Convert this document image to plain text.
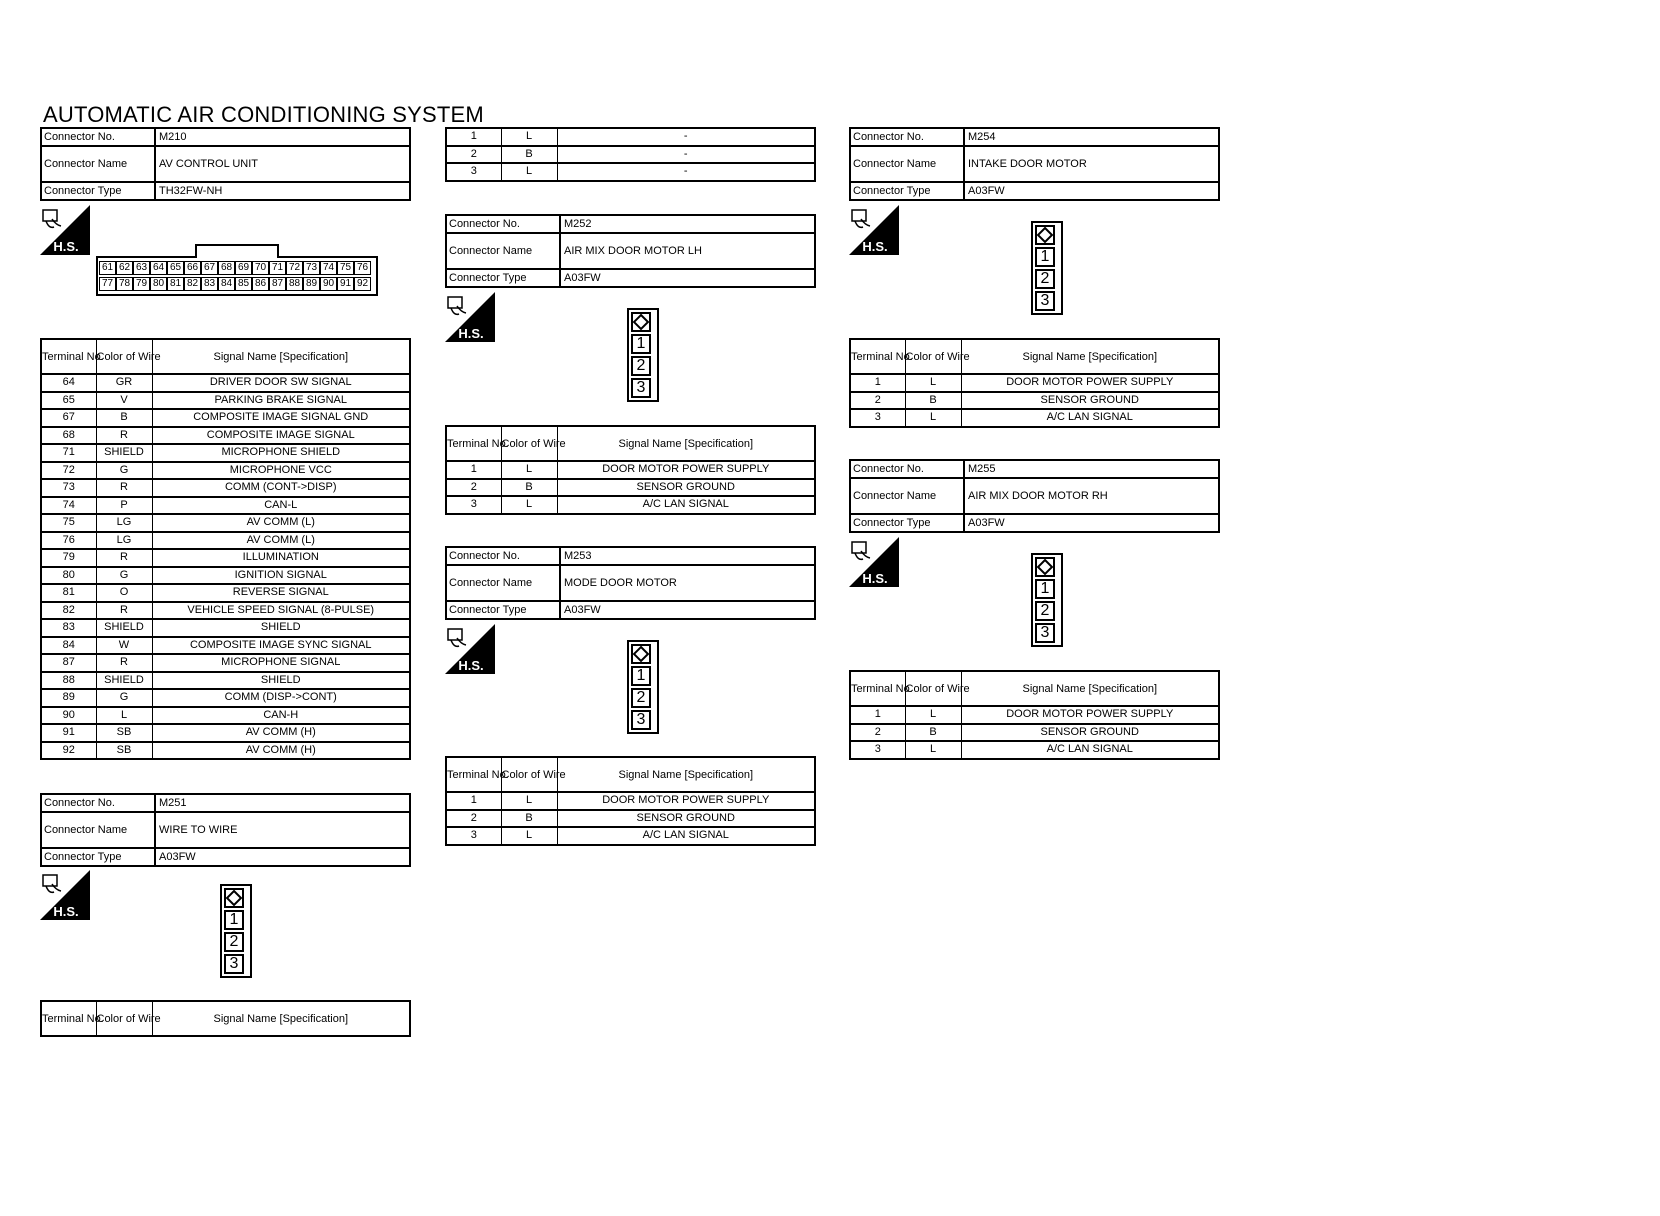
AUTOMATIC AIR CONDITIONING SYSTEM
Connector No.	M210
Connector Name	AV CONTROL UNIT
Connector Type	TH32FW-NH
H.S.
61 62 63 64 65 66 67 68 69 70 71 72 73 74 75 76
77 78 79 80 81 82 83 84 85 86 87 88 89 90 91 92
Terminal No.	Color of Wire	Signal Name [Specification]
64	GR	DRIVER DOOR SW SIGNAL
65	V	PARKING BRAKE SIGNAL
67	B	COMPOSITE IMAGE SIGNAL GND
68	R	COMPOSITE IMAGE SIGNAL
71	SHIELD	MICROPHONE SHIELD
72	G	MICROPHONE VCC
73	R	COMM (CONT->DISP)
74	P	CAN-L
75	LG	AV COMM (L)
76	LG	AV COMM (L)
79	R	ILLUMINATION
80	G	IGNITION SIGNAL
81	O	REVERSE SIGNAL
82	R	VEHICLE SPEED SIGNAL (8-PULSE)
83	SHIELD	SHIELD
84	W	COMPOSITE IMAGE SYNC SIGNAL
87	R	MICROPHONE SIGNAL
88	SHIELD	SHIELD
89	G	COMM (DISP->CONT)
90	L	CAN-H
91	SB	AV COMM (H)
92	SB	AV COMM (H)
Connector No.	M251
Connector Name	WIRE TO WIRE
Connector Type	A03FW
H.S.	1
2
3
Terminal No.	Color of Wire	Signal Name [Specification]
1	L	-
2	B	-
3	L	-
Connector No.	M252
Connector Name	AIR MIX DOOR MOTOR LH
Connector Type	A03FW
H.S.
1
2
3
Terminal No.	Color of Wire	Signal Name [Specification]
1	L	DOOR MOTOR POWER SUPPLY
2	B	SENSOR GROUND
3	L	A/C LAN SIGNAL
Connector No.	M253
Connector Name	MODE DOOR MOTOR
Connector Type	A03FW
H.S.
1
2
3
Terminal No.	Color of Wire	Signal Name [Specification]
1	L	DOOR MOTOR POWER SUPPLY
2	B	SENSOR GROUND
3	L	A/C LAN SIGNAL
Connector No.	M254
Connector Name	INTAKE DOOR MOTOR
Connector Type	A03FW
H.S.
1
2
3
Terminal No.	Color of Wire	Signal Name [Specification]
1	L	DOOR MOTOR POWER SUPPLY
2	B	SENSOR GROUND
3	L	A/C LAN SIGNAL
Connector No.	M255
Connector Name	AIR MIX DOOR MOTOR RH
Connector Type	A03FW
H.S.
1
2
3
Terminal No.	Color of Wire	Signal Name [Specification]
1	L	DOOR MOTOR POWER SUPPLY
2	B	SENSOR GROUND
3	L	A/C LAN SIGNAL
